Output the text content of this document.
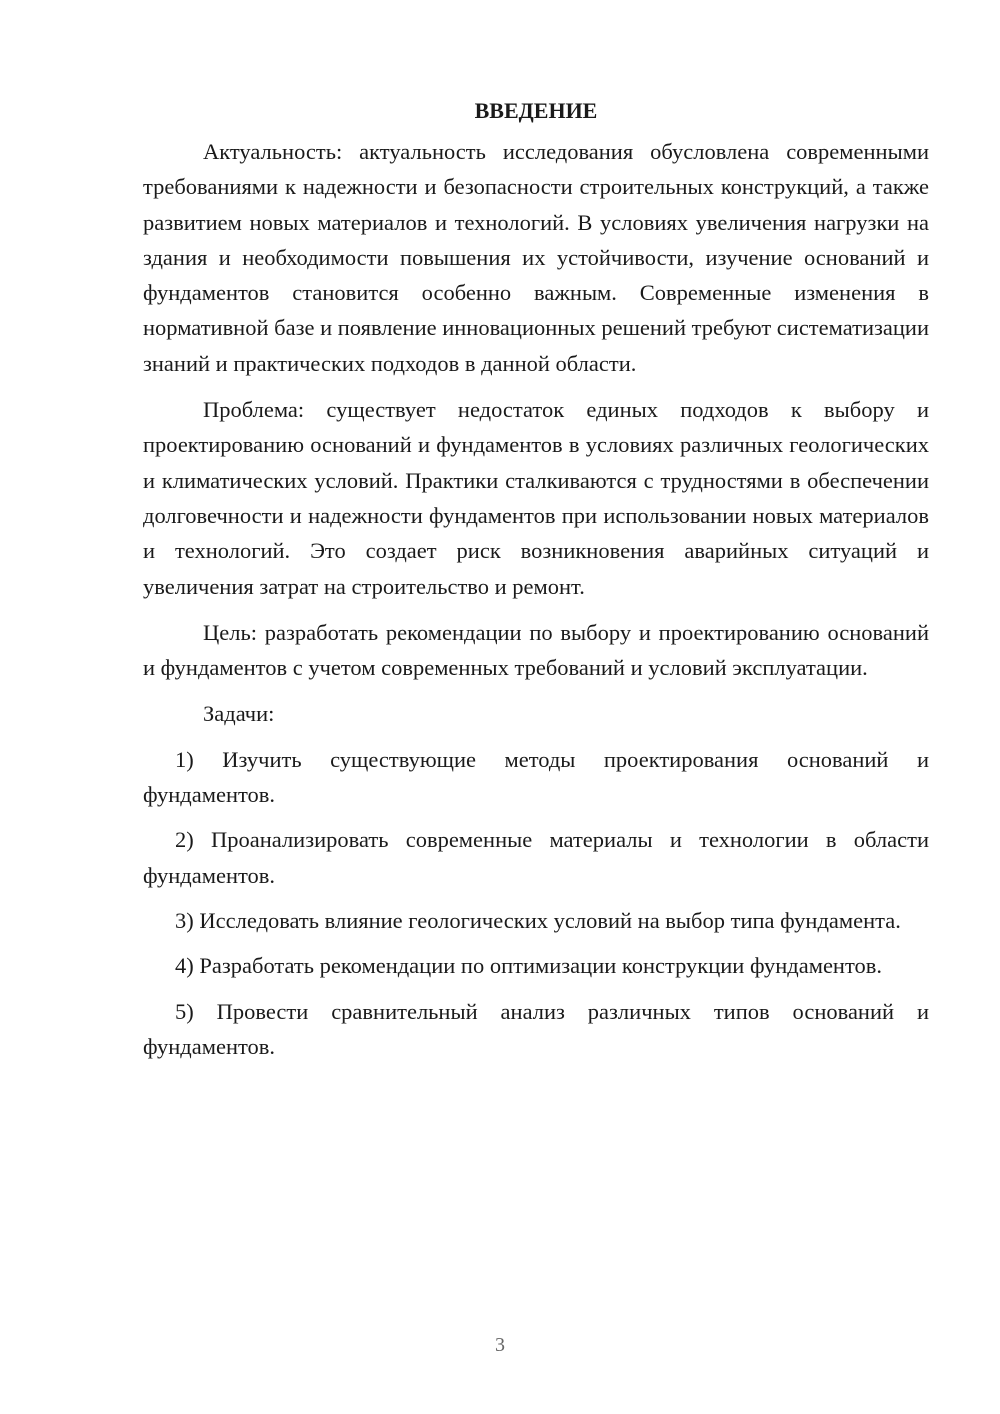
ВВЕДЕНИЕ

Актуальность: актуальность исследования обусловлена современными требованиями к надежности и безопасности строительных конструкций, а также развитием новых материалов и технологий. В условиях увеличения нагрузки на здания и необходимости повышения их устойчивости, изучение оснований и фундаментов становится особенно важным. Современные изменения в нормативной базе и появление инновационных решений требуют систематизации знаний и практических подходов в данной области.

Проблема: существует недостаток единых подходов к выбору и проектированию оснований и фундаментов в условиях различных геологических и климатических условий. Практики сталкиваются с трудностями в обеспечении долговечности и надежности фундаментов при использовании новых материалов и технологий. Это создает риск возникновения аварийных ситуаций и увеличения затрат на строительство и ремонт.

Цель: разработать рекомендации по выбору и проектированию оснований и фундаментов с учетом современных требований и условий эксплуатации.

Задачи:

1) Изучить существующие методы проектирования оснований и фундаментов.

2) Проанализировать современные материалы и технологии в области фундаментов.

3) Исследовать влияние геологических условий на выбор типа фундамента.

4) Разработать рекомендации по оптимизации конструкции фундаментов.

5) Провести сравнительный анализ различных типов оснований и фундаментов.

3
